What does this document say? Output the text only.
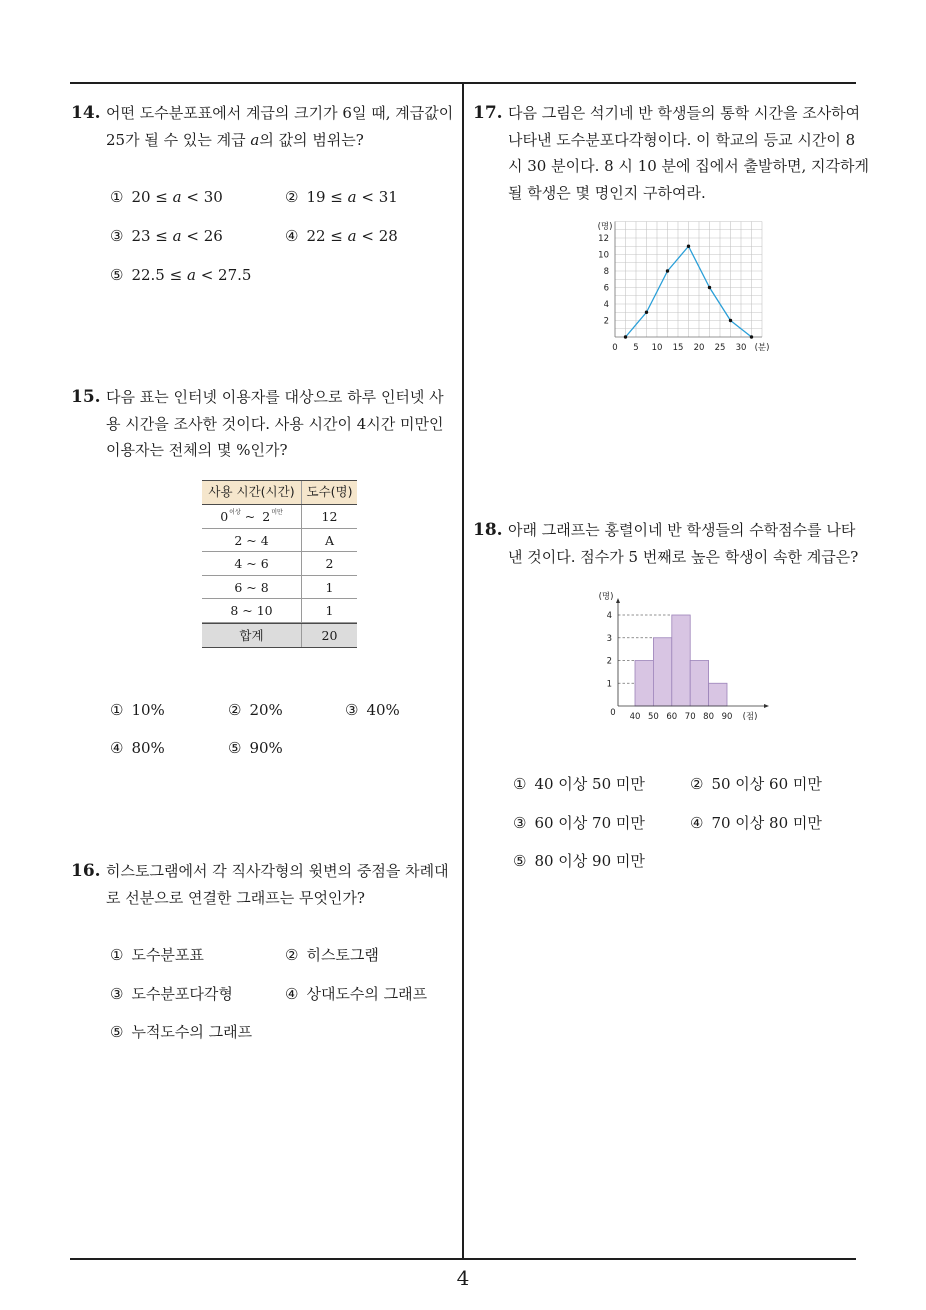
14. 어떤 도수분포표에서 계급의 크기가 6일 때, 계급값이
25가 될 수 있는 계급 a의 값의 범위는?
① 20 ≤ a < 30	② 19 ≤ a < 31
③ 23 ≤ a < 26	④ 22 ≤ a < 28
⑤ 22.5 ≤ a < 27.5
15. 다음 표는 인터넷 이용자를 대상으로 하루 인터넷 사
용 시간을 조사한 것이다. 사용 시간이 4시간 미만인
이용자는 전체의 몇 %인가?
사용 시간(시간) 도수(명)
0$^{이상}$ ~ 2$^{미만}$	12
2 ~ 4	A
4 ~ 6	2
6 ~ 8	1
8 ~ 10	1
합계	20
① 10%	② 20%	③ 40%
④ 80%	⑤ 90%
16. 히스토그램에서 각 직사각형의 윗변의 중점을 차례대
로 선분으로 연결한 그래프는 무엇인가?
① 도수분포표	② 히스토그램
③ 도수분포다각형	④ 상대도수의 그래프
⑤ 누적도수의 그래프
17. 다음 그림은 석기네 반 학생들의 통학 시간을 조사하여
나타낸 도수분포다각형이다. 이 학교의 등교 시간이 8
시 30 분이다. 8 시 10 분에 집에서 출발하면, 지각하게
될 학생은 몇 명인지 구하여라.
2
4
6
8
10
12
0 5 10 15 20 25 30
(명)
(분)
18. 아래 그래프는 홍렬이네 반 학생들의 수학점수를 나타
낸 것이다. 점수가 5 번째로 높은 학생이 속한 계급은?
1
2
3
4
40 50 60 70 80 90
0
(명)
(점)
① 40 이상 50 미만	② 50 이상 60 미만
③ 60 이상 70 미만	④ 70 이상 80 미만
⑤ 80 이상 90 미만
4
